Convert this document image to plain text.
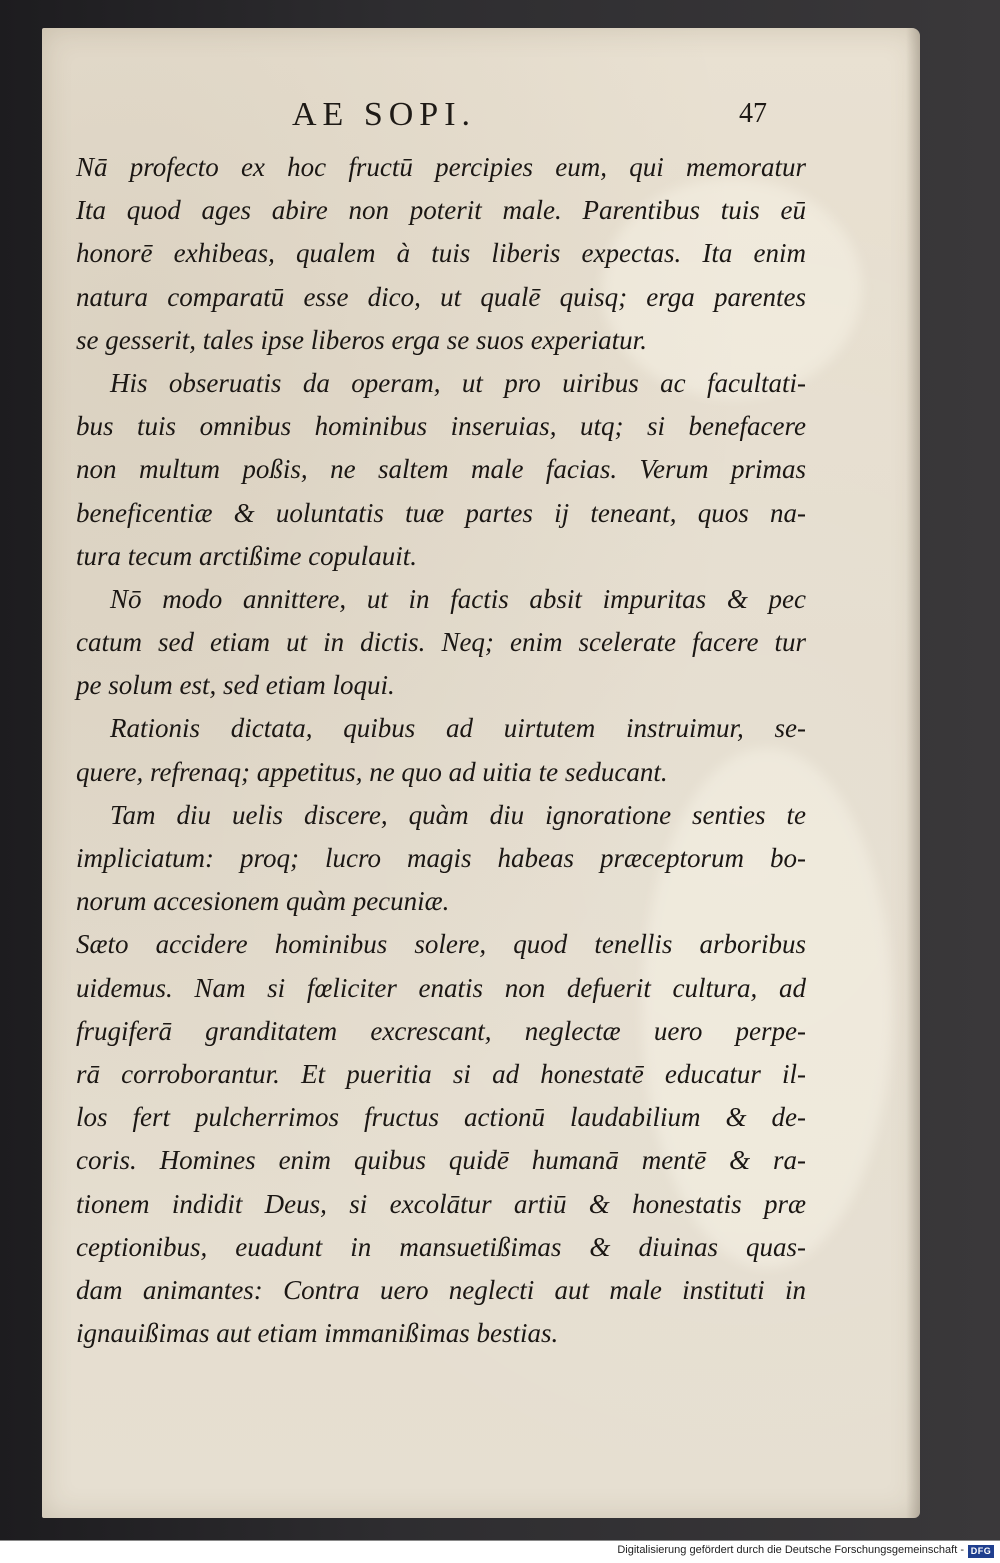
AE SOPI.	47
Nā profecto ex hoc fructū percipies eum, qui memoratur
Ita quod ages abire non poterit male. Parentibus tuis eū
honorē exhibeas, qualem à tuis liberis expectas. Ita enim
natura comparatū esse dico, ut qualē quisq; erga parentes
se gesserit, tales ipse liberos erga se suos experiatur.
His obseruatis da operam, ut pro uiribus ac facultati-
bus tuis omnibus hominibus inseruias, utq; si benefacere
non multum poßis, ne saltem male facias. Verum primas
beneficentiæ & uoluntatis tuæ partes ij teneant, quos na-
tura tecum arctißime copulauit.
Nō modo annittere, ut in factis absit impuritas & pec
catum sed etiam ut in dictis. Neq; enim scelerate facere tur
pe solum est, sed etiam loqui.
Rationis dictata, quibus ad uirtutem instruimur, se-
quere, refrenaq; appetitus, ne quo ad uitia te seducant.
Tam diu uelis discere, quàm diu ignoratione senties te
impliciatum: proq; lucro magis habeas præceptorum bo-
norum accesionem quàm pecuniæ.
Sæto accidere hominibus solere, quod tenellis arboribus
uidemus. Nam si fœliciter enatis non defuerit cultura, ad
frugiferā granditatem excrescant, neglectæ uero perpe-
rā corroborantur. Et pueritia si ad honestatē educatur il-
los fert pulcherrimos fructus actionū laudabilium & de-
coris. Homines enim quibus quidē humanā mentē & ra-
tionem indidit Deus, si excolātur artiū & honestatis præ
ceptionibus, euadunt in mansuetißimas & diuinas quas-
dam animantes: Contra uero neglecti aut male instituti in
ignauißimas aut etiam immanißimas bestias.
Digitalisierung gefördert durch die Deutsche Forschungsgemeinschaft - DFG
